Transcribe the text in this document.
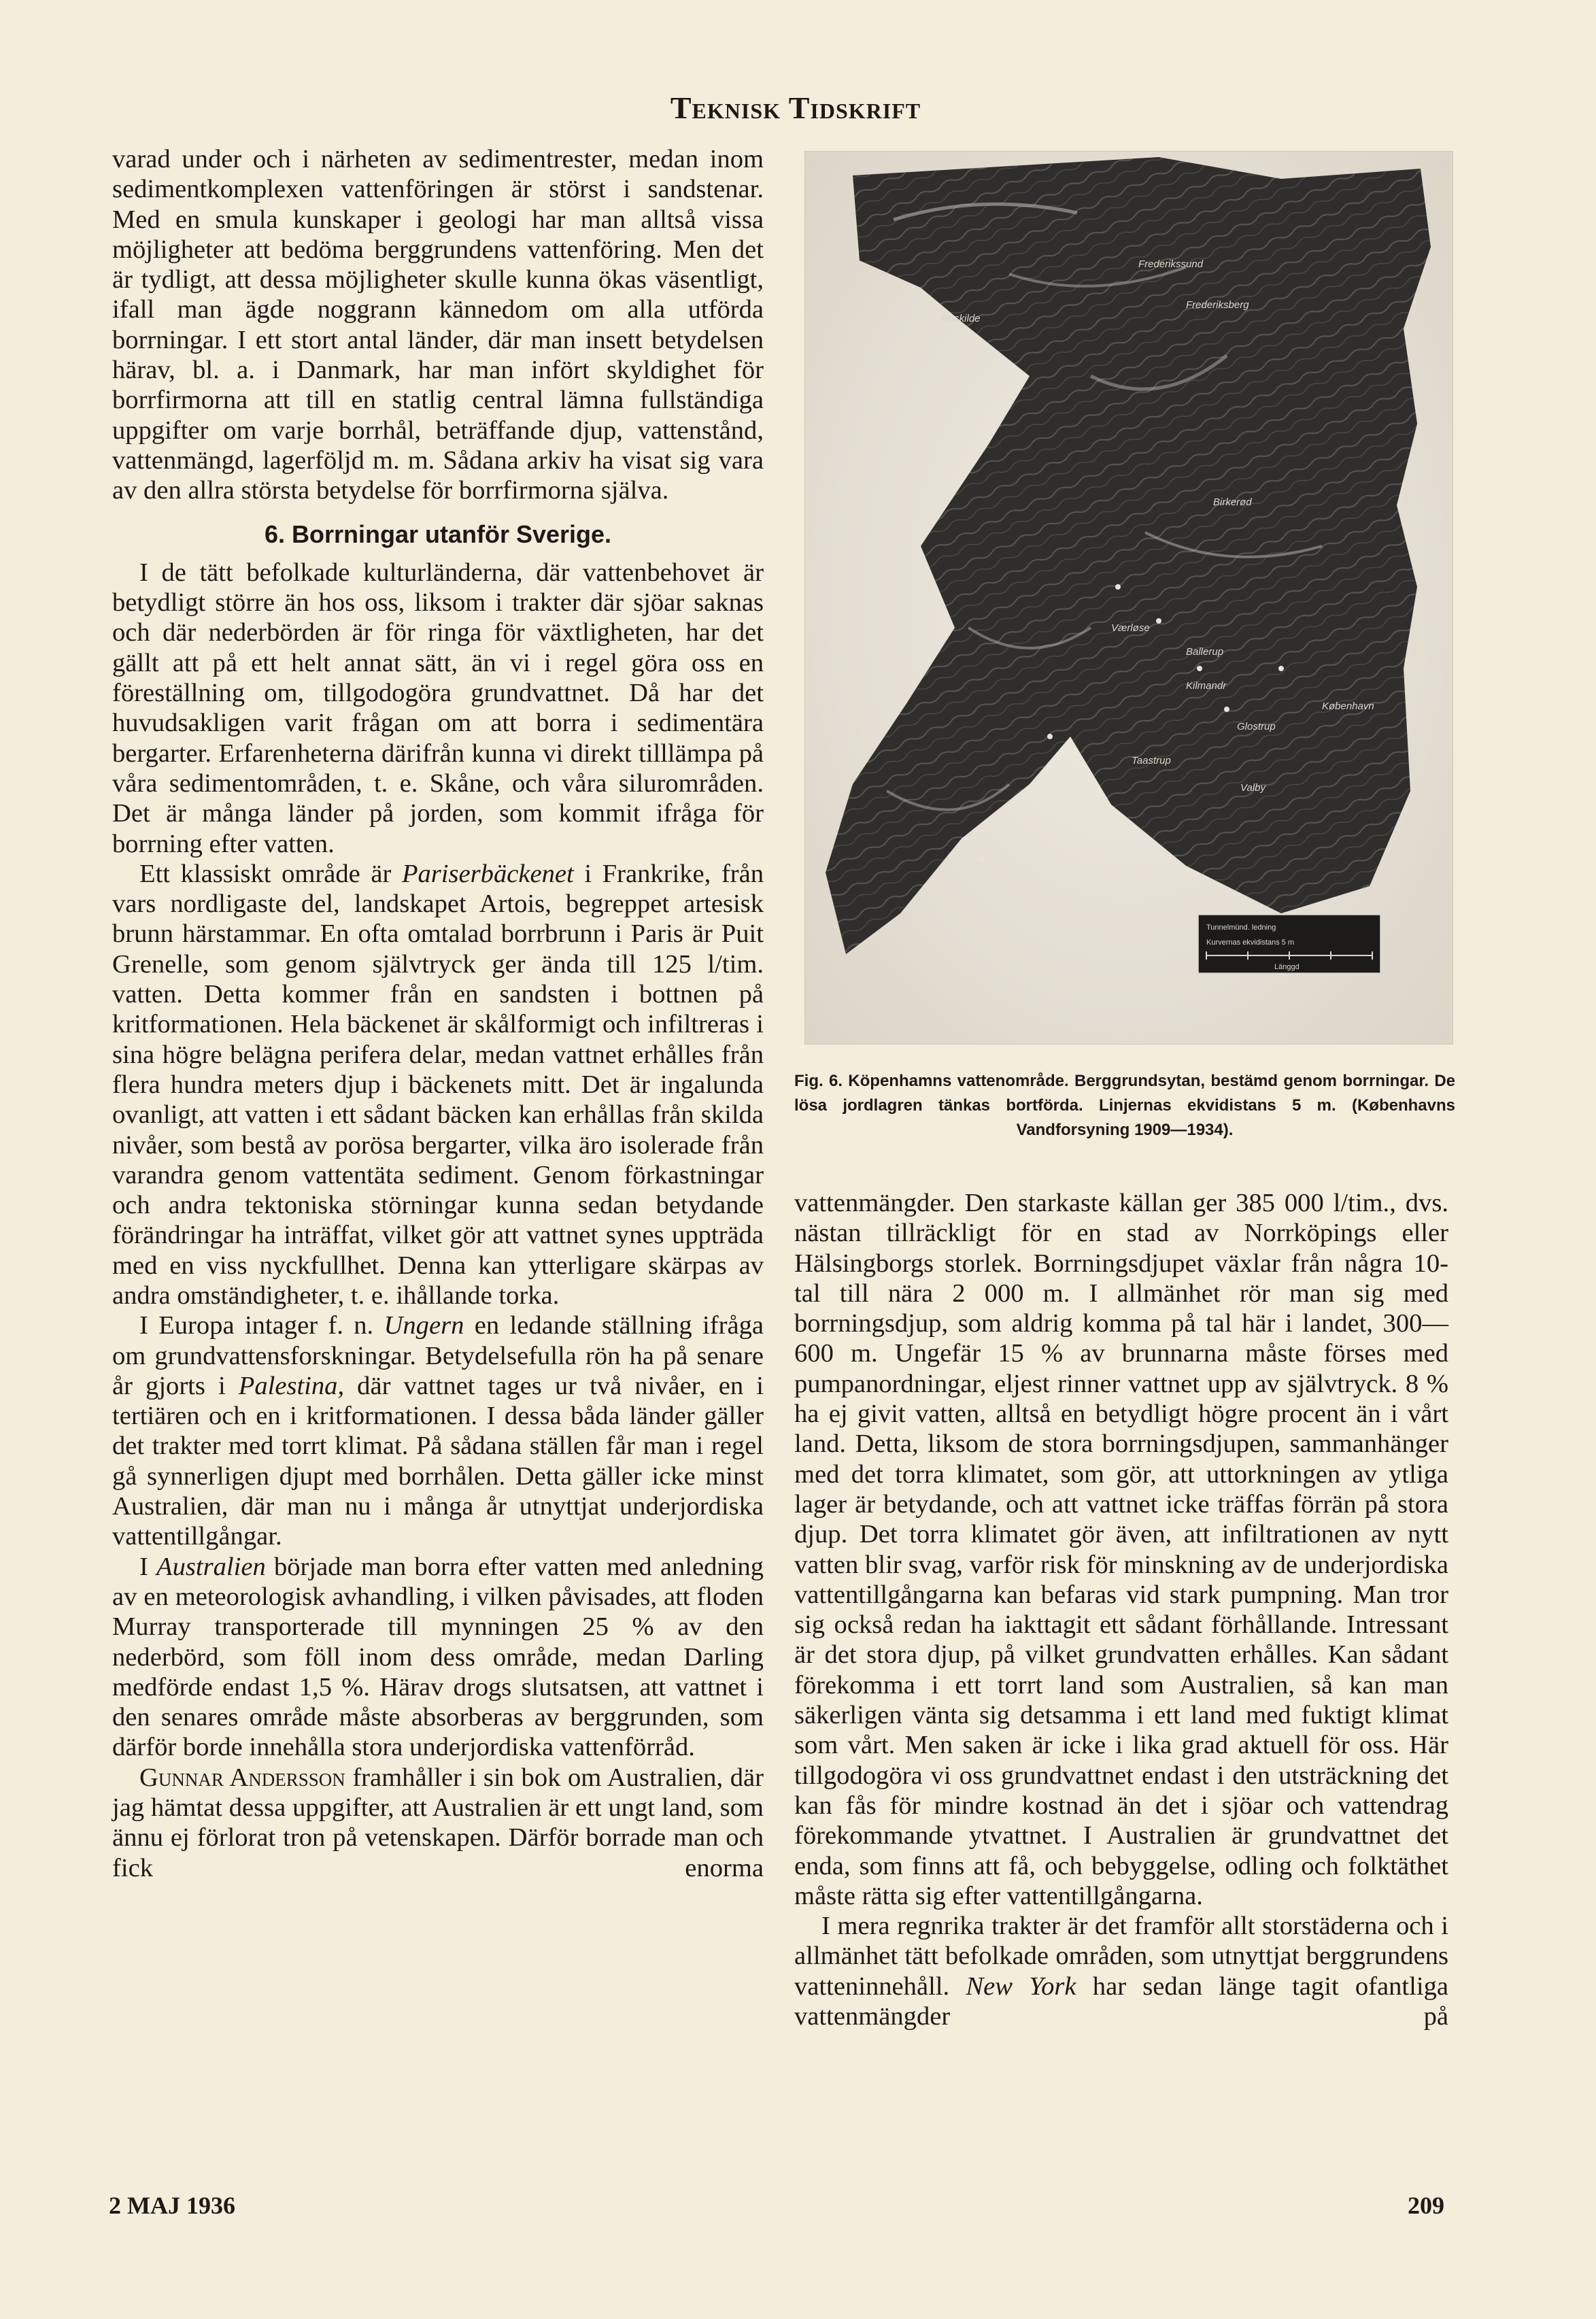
Teknisk Tidskrift

varad under och i närheten av sedimentrester, medan inom sedimentkomplexen vattenföringen är störst i sandstenar. Med en smula kunskaper i geologi har man alltså vissa möjligheter att bedöma berggrundens vattenföring. Men det är tydligt, att dessa möjligheter skulle kunna ökas väsentligt, ifall man ägde noggrann kännedom om alla utförda borrningar. I ett stort antal länder, där man insett betydelsen härav, bl. a. i Danmark, har man infört skyldighet för borrfirmorna att till en statlig central lämna fullständiga uppgifter om varje borrhål, beträffande djup, vattenstånd, vattenmängd, lagerföljd m. m. Sådana arkiv ha visat sig vara av den allra största betydelse för borrfirmorna själva.

6. Borrningar utanför Sverige.

I de tätt befolkade kulturländerna, där vattenbehovet är betydligt större än hos oss, liksom i trakter där sjöar saknas och där nederbörden är för ringa för växtligheten, har det gällt att på ett helt annat sätt, än vi i regel göra oss en föreställning om, tillgodogöra grundvattnet. Då har det huvudsakligen varit frågan om att borra i sedimentära bergarter. Erfarenheterna därifrån kunna vi direkt tilllämpa på våra sedimentområden, t. e. Skåne, och våra silurområden. Det är många länder på jorden, som kommit ifråga för borrning efter vatten.

Ett klassiskt område är Pariserbäckenet i Frankrike, från vars nordligaste del, landskapet Artois, begreppet artesisk brunn härstammar. En ofta omtalad borrbrunn i Paris är Puit Grenelle, som genom självtryck ger ända till 125 l/tim. vatten. Detta kommer från en sandsten i bottnen på kritformationen. Hela bäckenet är skålformigt och infiltreras i sina högre belägna perifera delar, medan vattnet erhålles från flera hundra meters djup i bäckenets mitt. Det är ingalunda ovanligt, att vatten i ett sådant bäcken kan erhållas från skilda nivåer, som bestå av porösa bergarter, vilka äro isolerade från varandra genom vattentäta sediment. Genom förkastningar och andra tektoniska störningar kunna sedan betydande förändringar ha inträffat, vilket gör att vattnet synes uppträda med en viss nyckfullhet. Denna kan ytterligare skärpas av andra omständigheter, t. e. ihållande torka.

I Europa intager f. n. Ungern en ledande ställning ifråga om grundvattensforskningar. Betydelsefulla rön ha på senare år gjorts i Palestina, där vattnet tages ur två nivåer, en i tertiären och en i kritformationen. I dessa båda länder gäller det trakter med torrt klimat. På sådana ställen får man i regel gå synnerligen djupt med borrhålen. Detta gäller icke minst Australien, där man nu i många år utnyttjat underjordiska vattentillgångar.

I Australien började man borra efter vatten med anledning av en meteorologisk avhandling, i vilken påvisades, att floden Murray transporterade till mynningen 25 % av den nederbörd, som föll inom dess område, medan Darling medförde endast 1,5 %. Härav drogs slutsatsen, att vattnet i den senares område måste absorberas av berggrunden, som därför borde innehålla stora underjordiska vattenförråd.

Gunnar Andersson framhåller i sin bok om Australien, där jag hämtat dessa uppgifter, att Australien är ett ungt land, som ännu ej förlorat tron på vetenskapen. Därför borrade man och fick enorma

Frederikssund
Frederiksberg
Roskilde
Birkerød
Værløse
Ballerup
Kilmandr
Glostrup
København
Taastrup
Valby
Tunnelmünd. ledning
Kurvernas ekvidistans 5 m
Länggd
Fig. 6. Köpenhamns vattenområde. Berggrundsytan, bestämd genom borrningar. De lösa jordlagren tänkas bortförda. Linjernas ekvidistans 5 m. (Københavns Vandforsyning 1909—1934).

vattenmängder. Den starkaste källan ger 385 000 l/tim., dvs. nästan tillräckligt för en stad av Norrköpings eller Hälsingborgs storlek. Borrningsdjupet växlar från några 10-tal till nära 2 000 m. I allmänhet rör man sig med borrningsdjup, som aldrig komma på tal här i landet, 300—600 m. Ungefär 15 % av brunnarna måste förses med pumpanordningar, eljest rinner vattnet upp av självtryck. 8 % ha ej givit vatten, alltså en betydligt högre procent än i vårt land. Detta, liksom de stora borrningsdjupen, sammanhänger med det torra klimatet, som gör, att uttorkningen av ytliga lager är betydande, och att vattnet icke träffas förrän på stora djup. Det torra klimatet gör även, att infiltrationen av nytt vatten blir svag, varför risk för minskning av de underjordiska vattentillgångarna kan befaras vid stark pumpning. Man tror sig också redan ha iakttagit ett sådant förhållande. Intressant är det stora djup, på vilket grundvatten erhålles. Kan sådant förekomma i ett torrt land som Australien, så kan man säkerligen vänta sig detsamma i ett land med fuktigt klimat som vårt. Men saken är icke i lika grad aktuell för oss. Här tillgodogöra vi oss grundvattnet endast i den utsträckning det kan fås för mindre kostnad än det i sjöar och vattendrag förekommande ytvattnet. I Australien är grundvattnet det enda, som finns att få, och bebyggelse, odling och folktäthet måste rätta sig efter vattentillgångarna.

I mera regnrika trakter är det framför allt storstäderna och i allmänhet tätt befolkade områden, som utnyttjat berggrundens vatteninnehåll. New York har sedan länge tagit ofantliga vattenmängder på

2 MAJ 1936	209
